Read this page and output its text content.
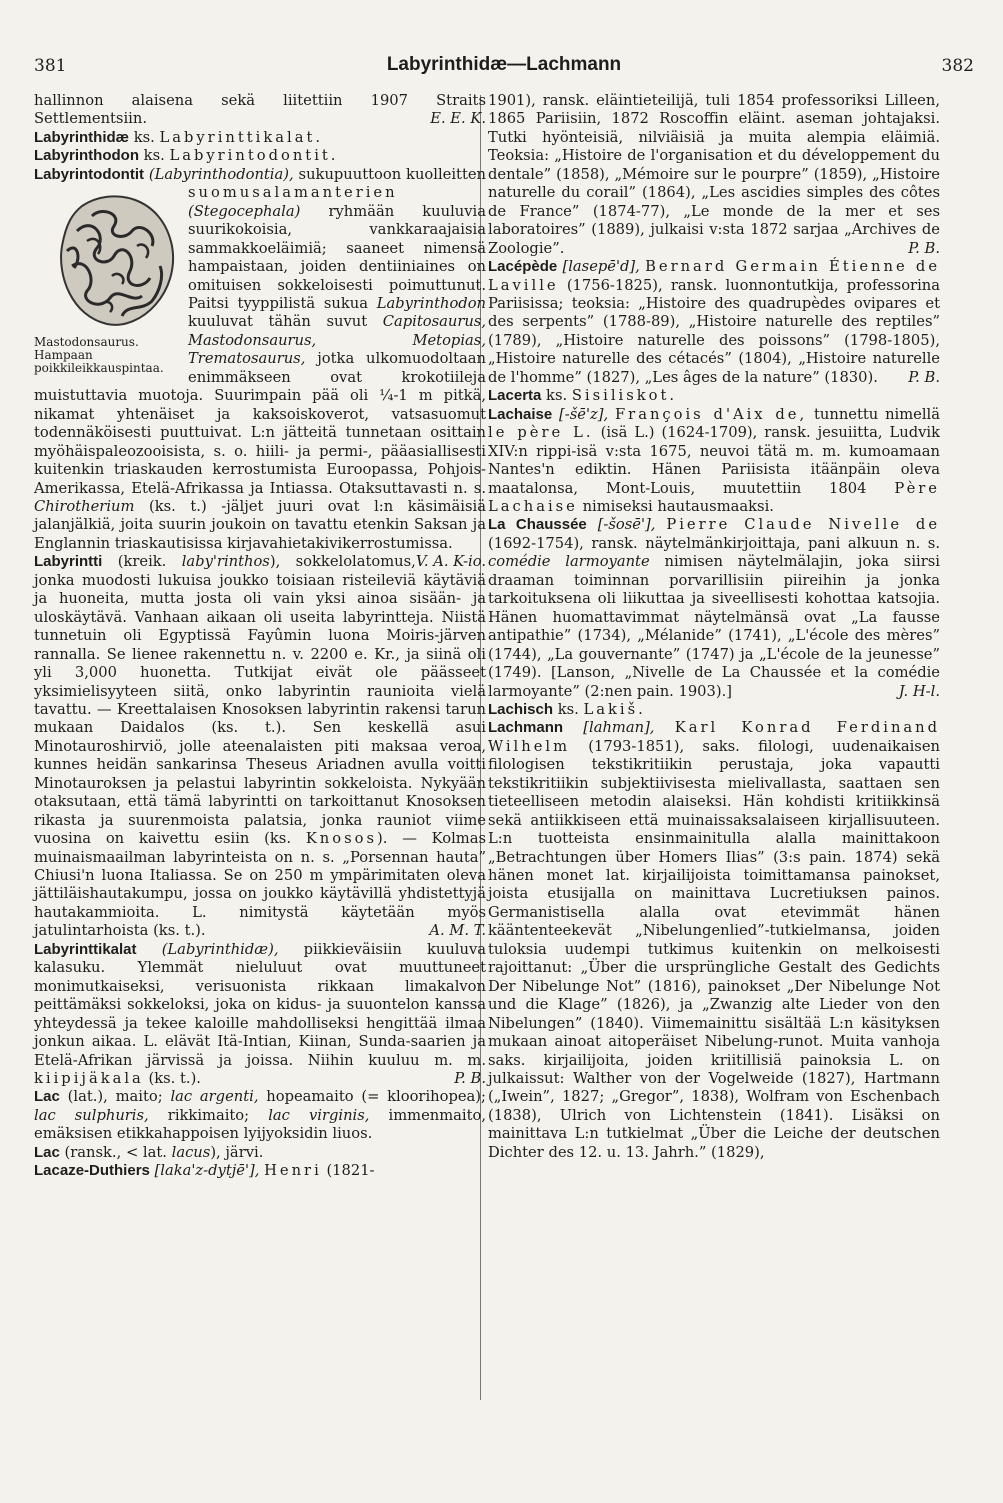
381	Labyrinthidæ—Lachmann	382

hallinnon alaisena sekä liitettiin 1907 Straits Settlementsiin.	E. E. K.

Labyrinthidæ ks. Labyrinttikalat.

Labyrinthodon ks. Labyrintodontit.

Labyrintodontit (Labyrinthodontia), sukupuuttoon kuolleitten suomusalamanterien
Mastodonsaurus. Hampaan poikkileikkauspintaa.
(Stegocephala) ryhmään kuuluvia suurikokoisia, vankkaraajaisia sammakkoeläimiä; saaneet nimensä hampaistaan, joiden dentiiniaines on omituisen sokkeloisesti poimuttunut. Paitsi tyyppilistä sukua Labyrinthodon kuuluvat tähän suvut Capitosaurus, Mastodonsaurus, Metopias, Trematosaurus, jotka ulkomuodoltaan enimmäkseen ovat krokotiileja muistuttavia muotoja. Suurimpain pää oli ¼-1 m pitkä, nikamat yhtenäiset ja kaksoiskoverot, vatsasuomut todennäköisesti puuttuivat. L:n jätteitä tunnetaan osittain myöhäispaleozooisista, s. o. hiili- ja permi-, pääasiallisesti kuitenkin triaskauden kerrostumista Euroopassa, Pohjois-Amerikassa, Etelä-Afrikassa ja Intiassa. Otaksuttavasti n. s. Chirotherium (ks. t.) -jäljet juuri ovat l:n käsimäisiä jalanjälkiä, joita suurin joukoin on tavattu etenkin Saksan ja Englannin triaskautisissa kirjavahietakivikerrostumissa.
V. A. K-io.

Labyrintti (kreik. laby'rinthos), sokkelolatomus, jonka muodosti lukuisa joukko toisiaan risteileviä käytäviä ja huoneita, mutta josta oli vain yksi ainoa sisään- ja uloskäytävä. Vanhaan aikaan oli useita labyrintteja. Niistä tunnetuin oli Egyptissä Fayûmin luona Moiris-järven rannalla. Se lienee rakennettu n. v. 2200 e. Kr., ja siinä oli yli 3,000 huonetta. Tutkijat eivät ole päässeet yksimielisyyteen siitä, onko labyrintin raunioita vielä tavattu. — Kreettalaisen Knosoksen labyrintin rakensi tarun mukaan Daidalos (ks. t.). Sen keskellä asui Minotauroshirviö, jolle ateenalaisten piti maksaa veroa, kunnes heidän sankarinsa Theseus Ariadnen avulla voitti Minotauroksen ja pelastui labyrintin sokkeloista. Nykyään otaksutaan, että tämä labyrintti on tarkoittanut Knosoksen rikasta ja suurenmoista palatsia, jonka rauniot viime vuosina on kaivettu esiin (ks. Knosos). — Kolmas muinaismaailman labyrinteista on n. s. „Porsennan hauta” Chiusi'n luona Italiassa. Se on 250 m ympärimitaten oleva jättiläishautakumpu, jossa on joukko käytävillä yhdistettyjä hautakammioita. L. nimitystä käytetään myös jatulintarhoista (ks. t.).	A. M. T.

Labyrinttikalat (Labyrinthidæ), piikkieväisiin kuuluva kalasuku. Ylemmät nieluluut ovat muuttuneet monimutkaiseksi, verisuonista rikkaan limakalvon peittämäksi sokkeloksi, joka on kidus- ja suuontelon kanssa yhteydessä ja tekee kaloille mahdolliseksi hengittää ilmaa jonkun aikaa. L. elävät Itä-Intian, Kiinan, Sunda-saarien ja Etelä-Afrikan järvissä ja joissa. Niihin kuuluu m. m. kiipijäkala (ks. t.).	P. B.

Lac (lat.), maito; lac argenti, hopeamaito (= kloorihopea); lac sulphuris, rikkimaito; lac virginis, immenmaito, emäksisen etikkahappoisen lyijyoksidin liuos.

Lac (ransk., < lat. lacus), järvi.

Lacaze-Duthiers [laka'z-dytjē'], Henri (1821-

1901), ransk. eläintieteilijä, tuli 1854 professoriksi Lilleen, 1865 Pariisiin, 1872 Roscoffin eläint. aseman johtajaksi. Tutki hyönteisiä, nilviäisiä ja muita alempia eläimiä. Teoksia: „Histoire de l'organisation et du développement du dentale” (1858), „Mémoire sur le pourpre” (1859), „Histoire naturelle du corail” (1864), „Les ascidies simples des côtes de France” (1874-77), „Le monde de la mer et ses laboratoires” (1889), julkaisi v:sta 1872 sarjaa „Archives de Zoologie”.	P. B.

Lacépède [lasepē'd], Bernard Germain Étienne de Laville (1756-1825), ransk. luonnontutkija, professorina Pariisissa; teoksia: „Histoire des quadrupèdes ovipares et des serpents” (1788-89), „Histoire naturelle des reptiles” (1789), „Histoire naturelle des poissons” (1798-1805), „Histoire naturelle des cétacés” (1804), „Histoire naturelle de l'homme” (1827), „Les âges de la nature” (1830). P. B.

Lacerta ks. Sisiliskot.

Lachaise [-šē'z], François d'Aix de, tunnettu nimellä le père L. (isä L.) (1624-1709), ransk. jesuiitta, Ludvik XIV:n rippi-isä v:sta 1675, neuvoi tätä m. m. kumoamaan Nantes'n ediktin. Hänen Pariisista itäänpäin oleva maatalonsa, Mont-Louis, muutettiin 1804 Père Lachaise nimiseksi hautausmaaksi.

La Chaussée [-šosē'], Pierre Claude Nivelle de (1692-1754), ransk. näytelmänkirjoittaja, pani alkuun n. s. comédie larmoyante nimisen näytelmälajin, joka siirsi draaman toiminnan porvarillisiin piireihin ja jonka tarkoituksena oli liikuttaa ja siveellisesti kohottaa katsojia. Hänen huomattavimmat näytelmänsä ovat „La fausse antipathie” (1734), „Mélanide” (1741), „L'école des mères” (1744), „La gouvernante” (1747) ja „L'école de la jeunesse” (1749). [Lanson, „Nivelle de La Chaussée et la comédie larmoyante” (2:nen pain. 1903).]	J. H-l.

Lachisch ks. Lakiš.

Lachmann [lahman], Karl Konrad Ferdinand Wilhelm (1793-1851), saks. filologi, uudenaikaisen filologisen tekstikritiikin perustaja, joka vapautti tekstikritiikin subjektiivisesta mielivallasta, saattaen sen tieteelliseen metodin alaiseksi. Hän kohdisti kritiikkinsä sekä antiikkiseen että muinaissaksalaiseen kirjallisuuteen. L:n tuotteista ensinmainitulla alalla mainittakoon „Betrachtungen über Homers Ilias” (3:s pain. 1874) sekä hänen monet lat. kirjailijoista toimittamansa painokset, joista etusijalla on mainittava Lucretiuksen painos. Germanistisella alalla ovat etevimmät hänen kääntenteekevät „Nibelungenlied”-tutkielmansa, joiden tuloksia uudempi tutkimus kuitenkin on melkoisesti rajoittanut: „Über die ursprüngliche Gestalt des Gedichts Der Nibelunge Not” (1816), painokset „Der Nibelunge Not und die Klage” (1826), ja „Zwanzig alte Lieder von den Nibelungen” (1840). Viimemainittu sisältää L:n käsityksen mukaan ainoat aitoperäiset Nibelung-runot. Muita vanhoja saks. kirjailijoita, joiden kriitillisiä painoksia L. on julkaissut: Walther von der Vogelweide (1827), Hartmann („Iwein”, 1827; „Gregor”, 1838), Wolfram von Eschenbach (1838), Ulrich von Lichtenstein (1841). Lisäksi on mainittava L:n tutkielmat „Über die Leiche der deutschen Dichter des 12. u. 13. Jahrh.” (1829),
